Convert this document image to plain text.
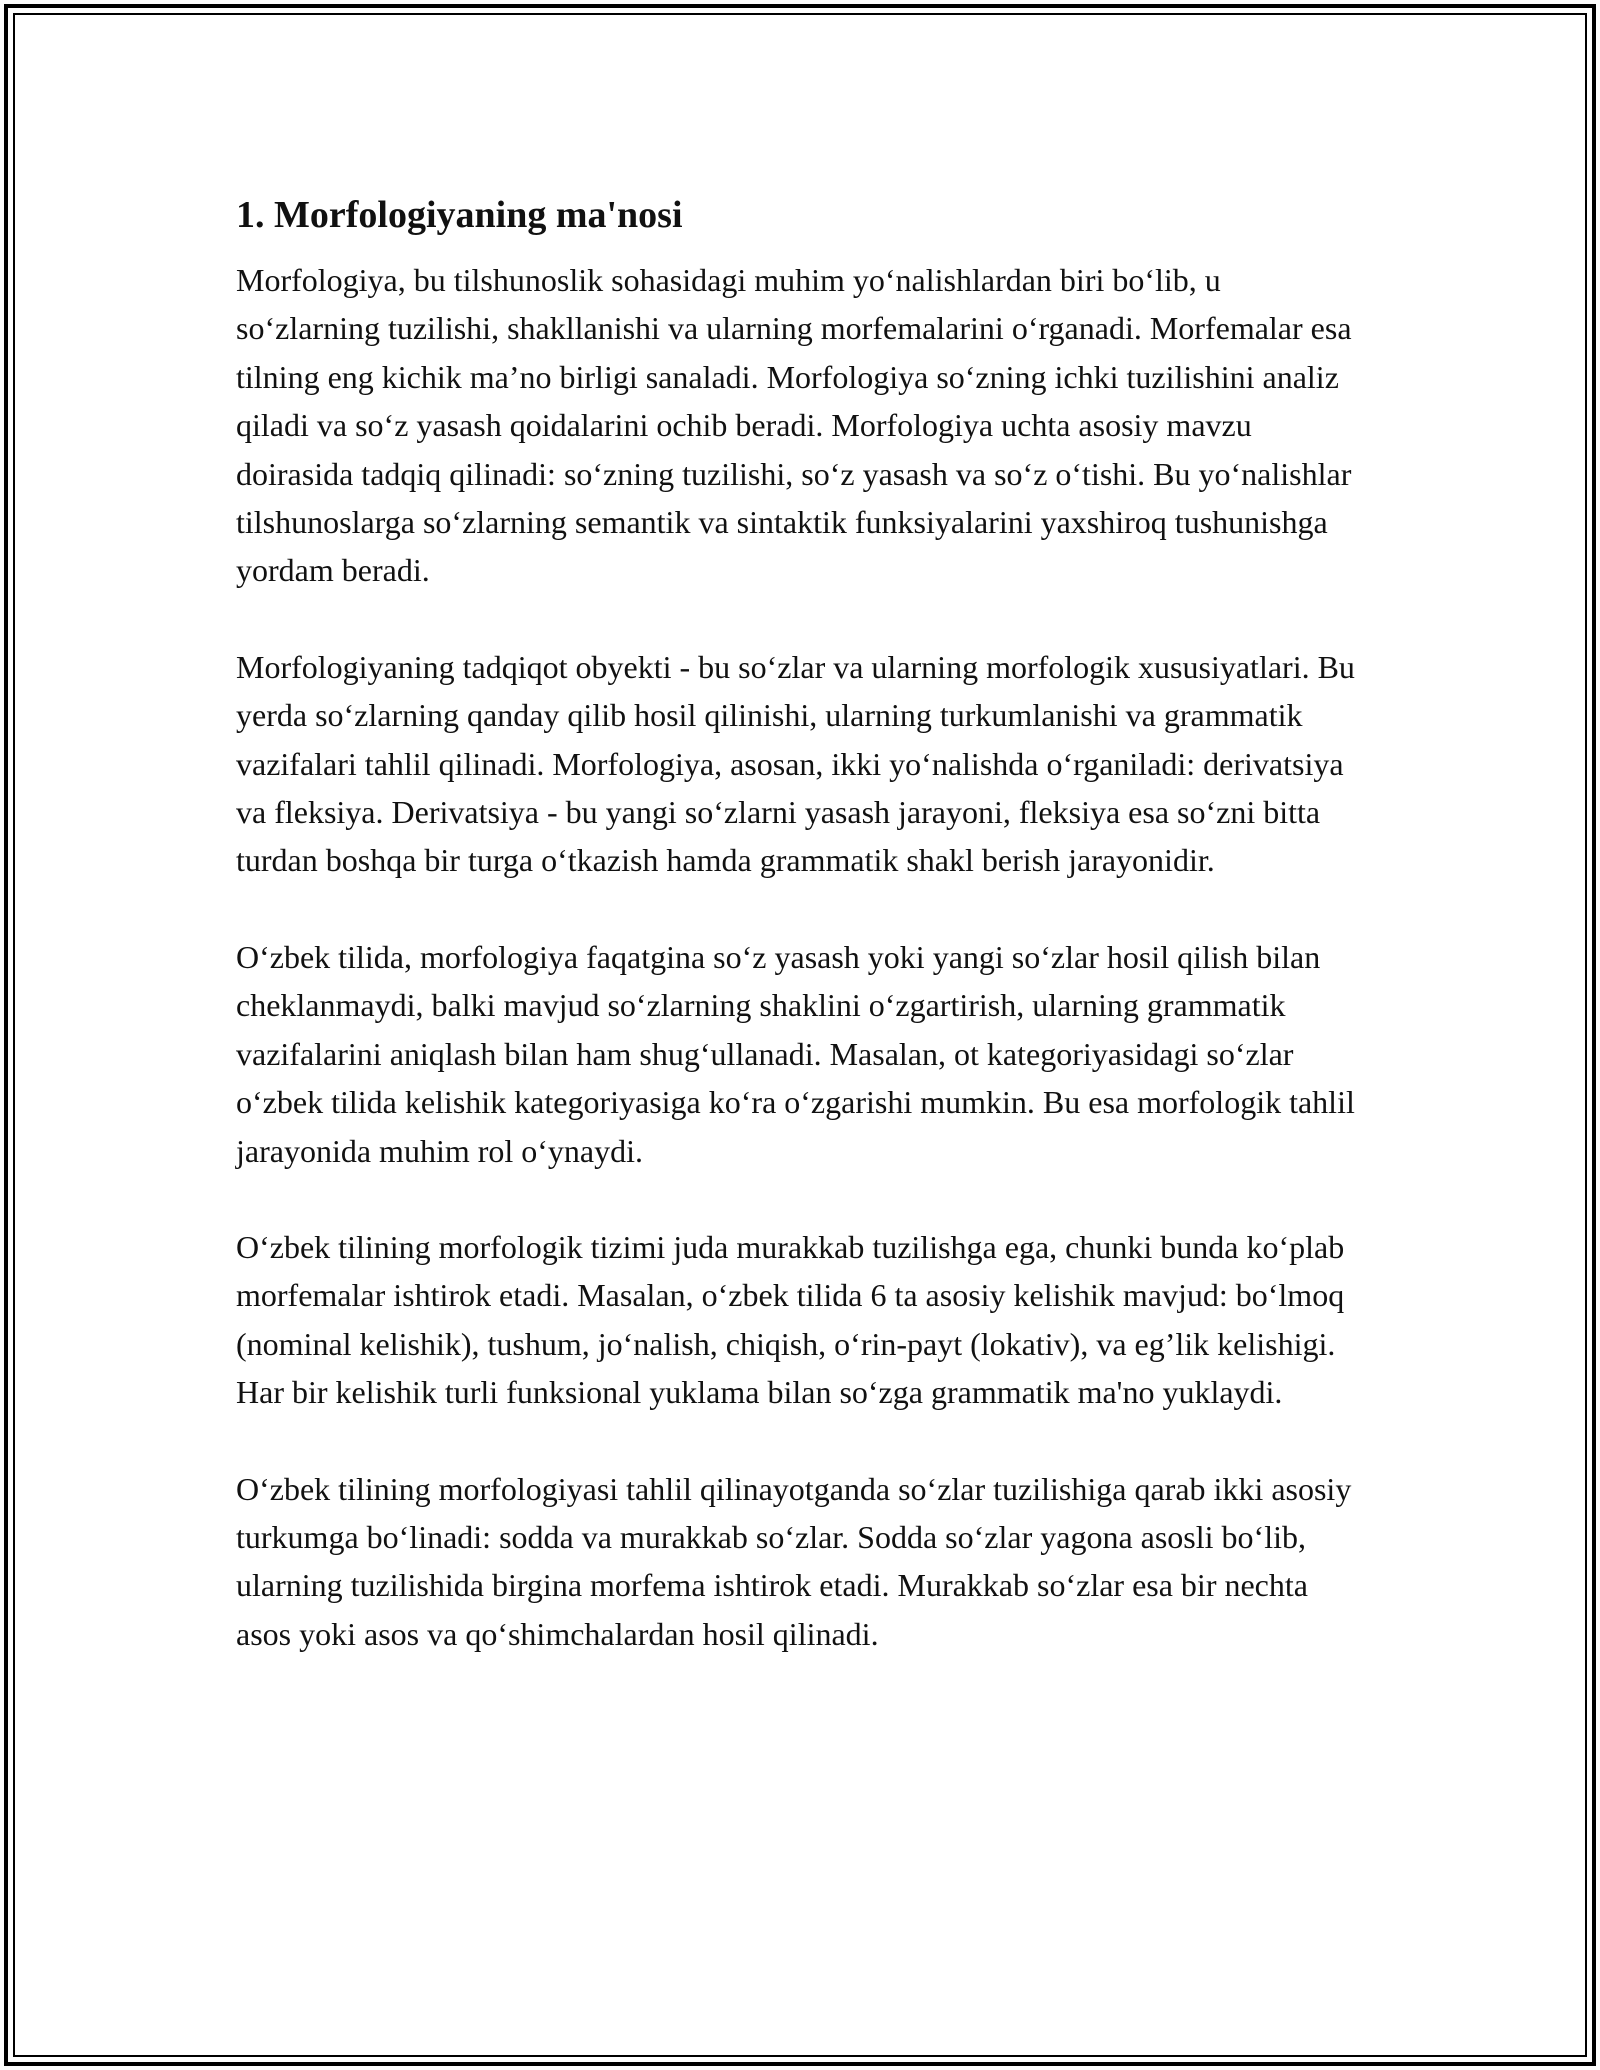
1. Morfologiyaning ma'nosi

Morfologiya, bu tilshunoslik sohasidagi muhim yoʻnalishlardan biri boʻlib, u soʻzlarning tuzilishi, shakllanishi va ularning morfemalarini oʻrganadi. Morfemalar esa tilning eng kichik ma’no birligi sanaladi. Morfologiya soʻzning ichki tuzilishini analiz qiladi va soʻz yasash qoidalarini ochib beradi. Morfologiya uchta asosiy mavzu doirasida tadqiq qilinadi: soʻzning tuzilishi, soʻz yasash va soʻz oʻtishi. Bu yoʻnalishlar tilshunoslarga soʻzlarning semantik va sintaktik funksiyalarini yaxshiroq tushunishga yordam beradi.

Morfologiyaning tadqiqot obyekti - bu soʻzlar va ularning morfologik xususiyatlari. Bu yerda soʻzlarning qanday qilib hosil qilinishi, ularning turkumlanishi va grammatik vazifalari tahlil qilinadi. Morfologiya, asosan, ikki yoʻnalishda oʻrganiladi: derivatsiya va fleksiya. Derivatsiya - bu yangi soʻzlarni yasash jarayoni, fleksiya esa soʻzni bitta turdan boshqa bir turga oʻtkazish hamda grammatik shakl berish jarayonidir.

Oʻzbek tilida, morfologiya faqatgina soʻz yasash yoki yangi soʻzlar hosil qilish bilan cheklanmaydi, balki mavjud soʻzlarning shaklini oʻzgartirish, ularning grammatik vazifalarini aniqlash bilan ham shugʻullanadi. Masalan, ot kategoriyasidagi soʻzlar oʻzbek tilida kelishik kategoriyasiga koʻra oʻzgarishi mumkin. Bu esa morfologik tahlil jarayonida muhim rol oʻynaydi.

Oʻzbek tilining morfologik tizimi juda murakkab tuzilishga ega, chunki bunda koʻplab morfemalar ishtirok etadi. Masalan, oʻzbek tilida 6 ta asosiy kelishik mavjud: boʻlmoq (nominal kelishik), tushum, joʻnalish, chiqish, oʻrin-payt (lokativ), va eg’lik kelishigi. Har bir kelishik turli funksional yuklama bilan soʻzga grammatik ma'no yuklaydi.

Oʻzbek tilining morfologiyasi tahlil qilinayotganda soʻzlar tuzilishiga qarab ikki asosiy turkumga boʻlinadi: sodda va murakkab soʻzlar. Sodda soʻzlar yagona asosli boʻlib, ularning tuzilishida birgina morfema ishtirok etadi. Murakkab soʻzlar esa bir nechta asos yoki asos va qoʻshimchalardan hosil qilinadi.
